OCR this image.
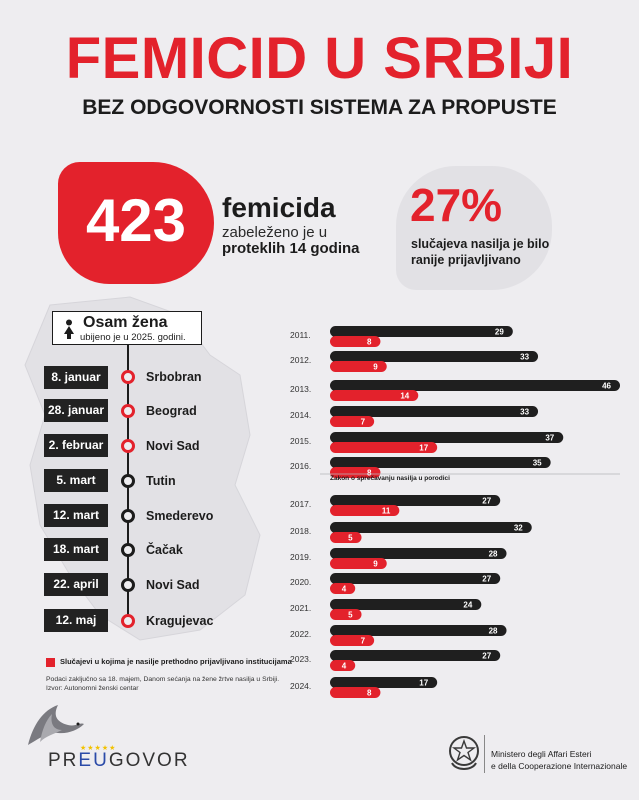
FEMICID U SRBIJI
BEZ ODGOVORNOSTI SISTEMA ZA PROPUSTE
423	femicida
zabeleženo je u
proteklih 14 godina
27%
slučajeva nasilja je bilo
ranije prijavljivano
Osam žena
ubijeno je u 2025. godini.
8. januar	Srbobran
28. januar	Beograd
2. februar	Novi Sad
5. mart	Tutin
12. mart	Smederevo
18. mart	Čačak
22. april	Novi Sad
12. maj	Kragujevac
Slučajevi u kojima je nasilje prethodno prijavljivano institucijama
Podaci zaključno sa 18. majem, Danom sećanja na žene žrtve nasilja u Srbiji.
Izvor: Autonomni ženski centar
2011.	29
8
2012.	33
9
2013.	46
14
2014.	33
7
2015.	37
17
2016.	35
8
2017.	27
11
2018.	32
5
2019.	28
9
2020.	27
4
2021.	24
5
2022.	28
7
2023.	27
4
2024.	17
8
Zakon o sprečavanju nasilja u porodici
★★★★★
PREUGOVOR	Ministero degli Affari Esteri
e della Cooperazione Internazionale
